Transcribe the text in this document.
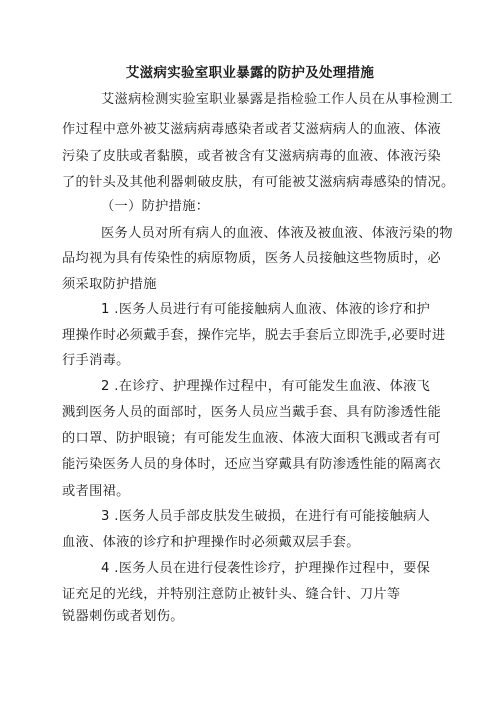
艾滋病实验室职业暴露的防护及处理措施
艾滋病检测实验室职业暴露是指检验工作人员在从事检测工
作过程中意外被艾滋病病毒感染者或者艾滋病病人的血液、体液
污染了皮肤或者黏膜，或者被含有艾滋病病毒的血液、体液污染
了的针头及其他利器刺破皮肤，有可能被艾滋病病毒感染的情况。
（一）防护措施：
医务人员对所有病人的血液、体液及被血液、体液污染的物
品均视为具有传染性的病原物质，医务人员接触这些物质时，必
须采取防护措施
1 .医务人员进行有可能接触病人血液、体液的诊疗和护
理操作时必须戴手套，操作完毕，脱去手套后立即洗手,必要时进
行手消毒。
2 .在诊疗、护理操作过程中，有可能发生血液、体液飞
溅到医务人员的面部时，医务人员应当戴手套、具有防渗透性能
的口罩、防护眼镜；有可能发生血液、体液大面积飞溅或者有可
能污染医务人员的身体时，还应当穿戴具有防渗透性能的隔离衣
或者围裙。
3 .医务人员手部皮肤发生破损，在进行有可能接触病人
血液、体液的诊疗和护理操作时必须戴双层手套。
4 .医务人员在进行侵袭性诊疗，护理操作过程中，要保
证充足的光线，并特别注意防止被针头、缝合针、刀片等
锐器刺伤或者划伤。
